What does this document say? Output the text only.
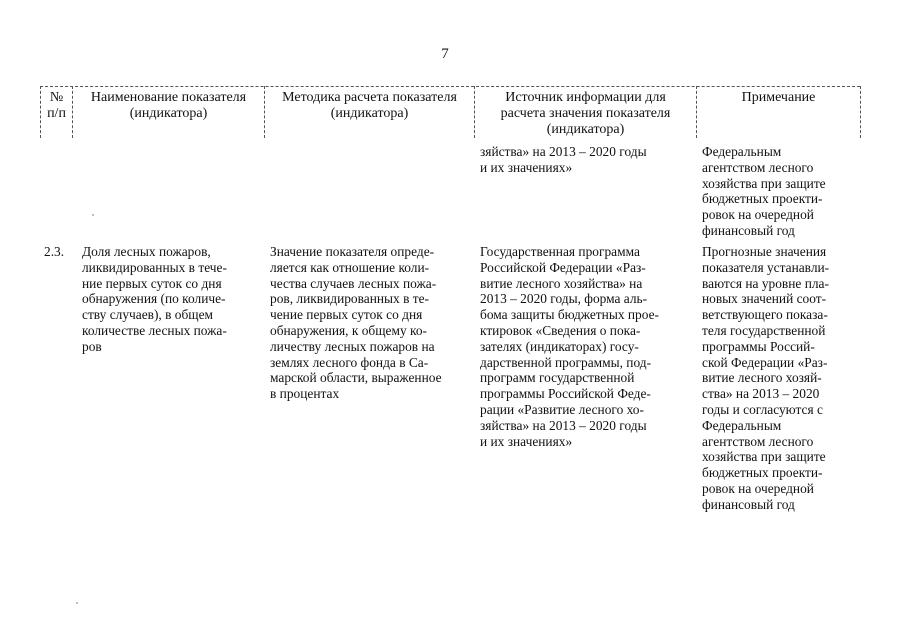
7
№
п/п
Наименование показателя
(индикатора)
Методика расчета показателя
(индикатора)
Источник информации для
расчета значения показателя
(индикатора)
Примечание
зяйства» на 2013 – 2020 годы
и их значениях»
Федеральным
агентством лесного
хозяйства при защите
бюджетных проекти-
ровок на очередной
финансовый год
2.3.	Доля лесных пожаров,
ликвидированных в тече-
ние первых суток со дня
обнаружения (по количе-
ству случаев), в общем
количестве лесных пожа-
ров
Значение показателя опреде-
ляется как отношение коли-
чества случаев лесных пожа-
ров, ликвидированных в те-
чение первых суток со дня
обнаружения, к общему ко-
личеству лесных пожаров на
землях лесного фонда в Са-
марской области, выраженное
в процентах
Государственная программа
Российской Федерации «Раз-
витие лесного хозяйства» на
2013 – 2020 годы, форма аль-
бома защиты бюджетных прое-
ктировок «Сведения о пока-
зателях (индикаторах) госу-
дарственной программы, под-
программ государственной
программы Российской Феде-
рации «Развитие лесного хо-
зяйства» на 2013 – 2020 годы
и их значениях»
Прогнозные значения
показателя устанавли-
ваются на уровне пла-
новых значений соот-
ветствующего показа-
теля государственной
программы Россий-
ской Федерации «Раз-
витие лесного хозяй-
ства» на 2013 – 2020
годы и согласуются с
Федеральным
агентством лесного
хозяйства при защите
бюджетных проекти-
ровок на очередной
финансовый год
